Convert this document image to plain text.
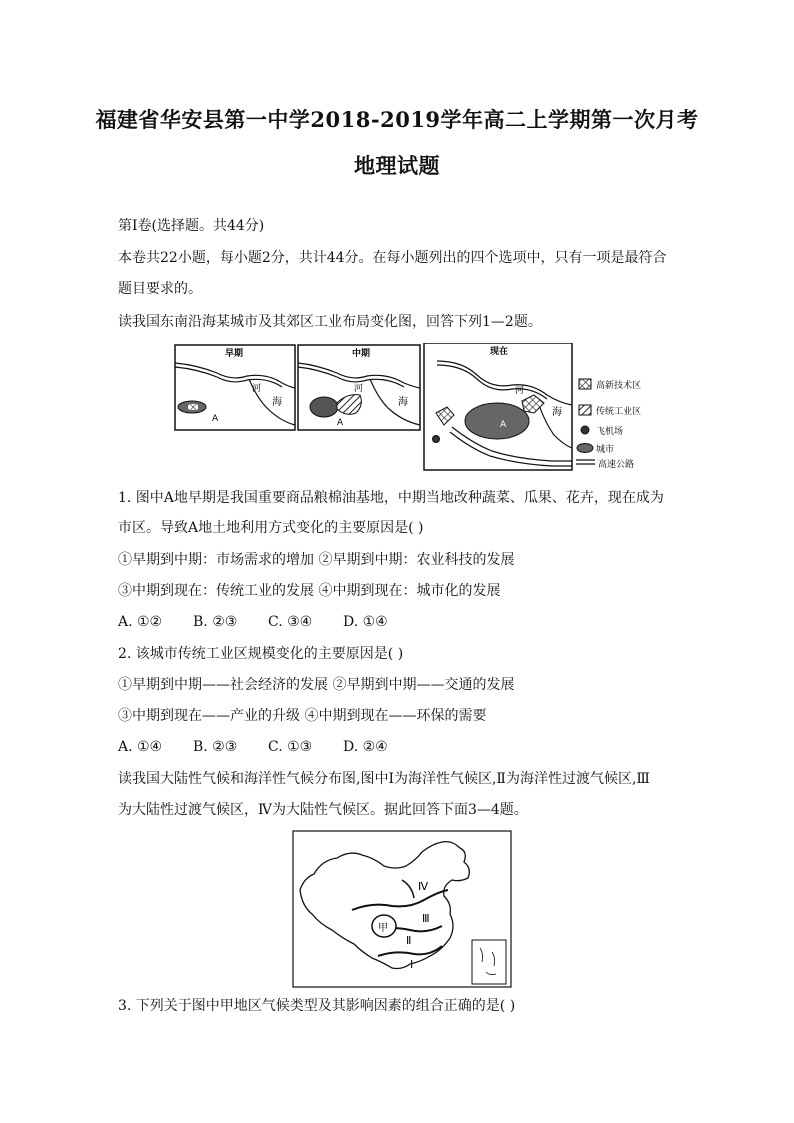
福建省华安县第一中学2018-2019学年高二上学期第一次月考
地理试题
第I卷(选择题。共44分)
本卷共22小题，每小题2分，共计44分。在每小题列出的四个选项中，只有一项是最符合
题目要求的。
读我国东南沿海某城市及其郊区工业布局变化图，回答下列1—2题。
早期
河
海
A
中期
河
海
A
现在
河
海
A
高新技术区
传统工业区
飞机场
城市
高速公路
1. 图中A地早期是我国重要商品粮棉油基地，中期当地改种蔬菜、瓜果、花卉，现在成为
市区。导致A地土地利用方式变化的主要原因是( )
①早期到中期：市场需求的增加 ②早期到中期：农业科技的发展
③中期到现在：传统工业的发展 ④中期到现在：城市化的发展
A. ①② B. ②③ C. ③④ D. ①④
2. 该城市传统工业区规模变化的主要原因是( )
①早期到中期——社会经济的发展 ②早期到中期——交通的发展
③中期到现在——产业的升级 ④中期到现在——环保的需要
A. ①④ B. ②③ C. ①③ D. ②④
读我国大陆性气候和海洋性气候分布图,图中Ⅰ为海洋性气候区,Ⅱ为海洋性过渡气候区,Ⅲ
为大陆性过渡气候区，Ⅳ为大陆性气候区。据此回答下面3—4题。
Ⅳ
Ⅲ
Ⅱ
Ⅰ
甲
3. 下列关于图中甲地区气候类型及其影响因素的组合正确的是( )
